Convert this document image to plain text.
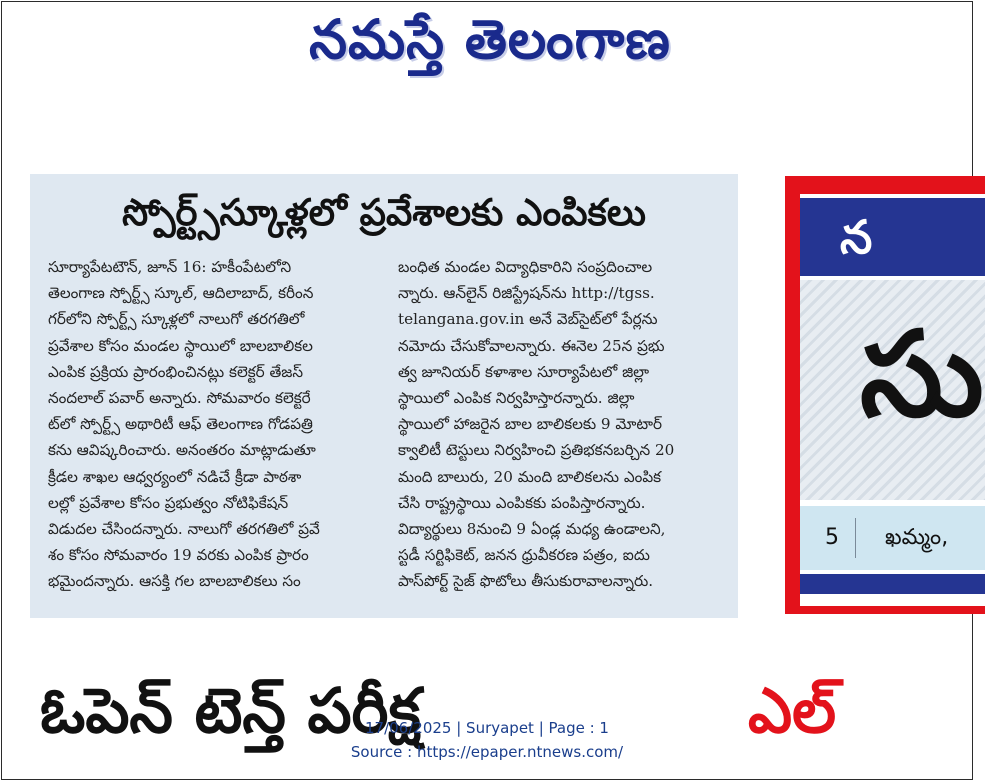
నమస్తే తెలంగాణ
స్పోర్ట్స్‌స్కూళ్లలో ప్రవేశాలకు ఎంపికలు
సూర్యాపేటటౌన్, జూన్ 16: హకీంపేటలోని
తెలంగాణ స్పోర్ట్స్ స్కూల్, ఆదిలాబాద్, కరీంన
గర్‌లోని స్పోర్ట్స్ స్కూళ్లలో నాలుగో తరగతిలో
ప్రవేశాల కోసం మండల స్థాయిలో బాలబాలికల
ఎంపిక ప్రక్రియ ప్రారంభించినట్లు కలెక్టర్ తేజస్
నందలాల్ పవార్ అన్నారు. సోమవారం కలెక్టరే
ట్‌లో స్పోర్ట్స్ అథారిటీ ఆఫ్ తెలంగాణ గోడపత్రి
కను ఆవిష్కరించారు. అనంతరం మాట్లాడుతూ
క్రీడల శాఖల ఆధ్వర్యంలో నడిచే క్రీడా పాఠశా
లల్లో ప్రవేశాల కోసం ప్రభుత్వం నోటిఫికేషన్
విడుదల చేసిందన్నారు. నాలుగో తరగతిలో ప్రవే
శం కోసం సోమవారం 19 వరకు ఎంపిక ప్రారం
భమైందన్నారు. ఆసక్తి గల బాలబాలికలు సం
బంధిత మండల విద్యాధికారిని సంప్రదించాల
న్నారు. ఆన్‌లైన్ రిజిస్ట్రేషన్‌ను http://tgss.
telangana.gov.in అనే వెబ్‌సైట్‌లో పేర్లను
నమోదు చేసుకోవాలన్నారు. ఈనెల 25న ప్రభు
త్వ జూనియర్ కళాశాల సూర్యాపేటలో జిల్లా
స్థాయిలో ఎంపిక నిర్వహిస్తారన్నారు. జిల్లా
స్థాయిలో హాజరైన బాల బాలికలకు 9 మోటార్
క్వాలిటీ టెస్టులు నిర్వహించి ప్రతిభకనబర్చిన 20
మంది బాలురు, 20 మంది బాలికలను ఎంపిక
చేసి రాష్ట్రస్థాయి ఎంపికకు పంపిస్తారన్నారు.
విద్యార్థులు 8నుంచి 9 ఏండ్ల మధ్య ఉండాలని,
స్టడీ సర్టిఫికెట్, జనన ధ్రువీకరణ పత్రం, ఐదు
పాస్‌పోర్ట్ సైజ్ ఫొటోలు తీసుకురావాలన్నారు.
న
సు
5 ఖమ్మం,
ఓపెన్ టెన్త్ పరీక్ష	ఎల్
17/06/2025 | Suryapet | Page : 1
Source : https://epaper.ntnews.com/
